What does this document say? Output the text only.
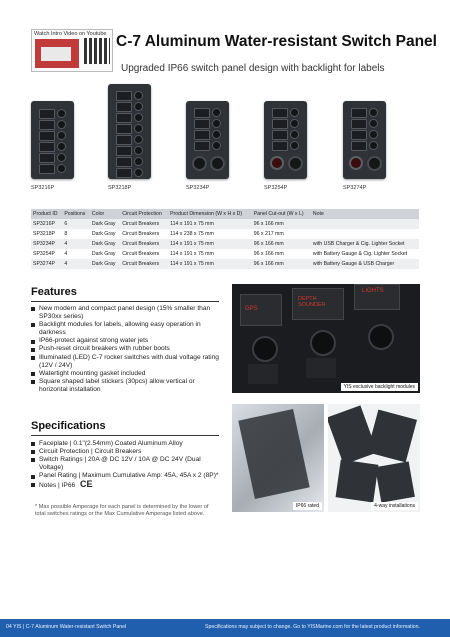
Watch Intro Video on Youtube C-7 Aluminum Water-resistant Switch Panel
Upgraded IP66 switch panel design with backlight for labels
SP3216P	SP3218P	SP3234P	SP3254P	SP3274P
Product ID	Positions	Color	Circuit Protection	Product Dimension (W x H x D)	Panel Cut-out (W x L)	Note
SP3216P	6	Dark Gray	Circuit Breakers	114 x 191 x 75 mm	96 x 166 mm	
SP3218P	8	Dark Gray	Circuit Breakers	114 x 238 x 75 mm	96 x 217 mm	
SP3234P	4	Dark Gray	Circuit Breakers	114 x 191 x 75 mm	96 x 166 mm	with USB Charger & Cig. Lighter Socket
SP3254P	4	Dark Gray	Circuit Breakers	114 x 191 x 75 mm	96 x 166 mm	with Battery Gauge & Cig. Lighter Socket
SP3274P	4	Dark Gray	Circuit Breakers	114 x 191 x 75 mm	96 x 166 mm	with Battery Gauge & USB Charger
Features
New modern and compact panel design (15% smaller than SP30xx series)
Backlight modules for labels, allowing easy operation in darkness
IP66-protect against strong water jets
Push-reset circuit breakers with rubber boots
Illuminated (LED) C-7 rocker switches with dual voltage rating (12V / 24V)
Watertight mounting gasket included
Square shaped label stickers (30pcs) allow vertical or horizontal installation
GPS
DEPTH SOUNDER
LIGHTS
YIS exclusive backlight modules
Specifications
Faceplate | 0.1"(2.54mm) Coated Aluminum Alloy
Circuit Protection | Circuit Breakers
Switch Ratings | 20A @ DC 12V / 10A @ DC 24V (Dual Voltage)
Panel Rating | Maximum Cumulative Amp: 45A, 45A x 2 (8P)*
Notes | IP66 CE
* Max possible Amperage for each panel is determined by the lower of total switches ratings or the Max Cumulative Amperage listed above.
IP66 rated	4-way installations
04 YIS | C-7 Aluminum Water-resistant Switch Panel	Specifications may subject to change. Go to YISMarine.com for the latest product information.
